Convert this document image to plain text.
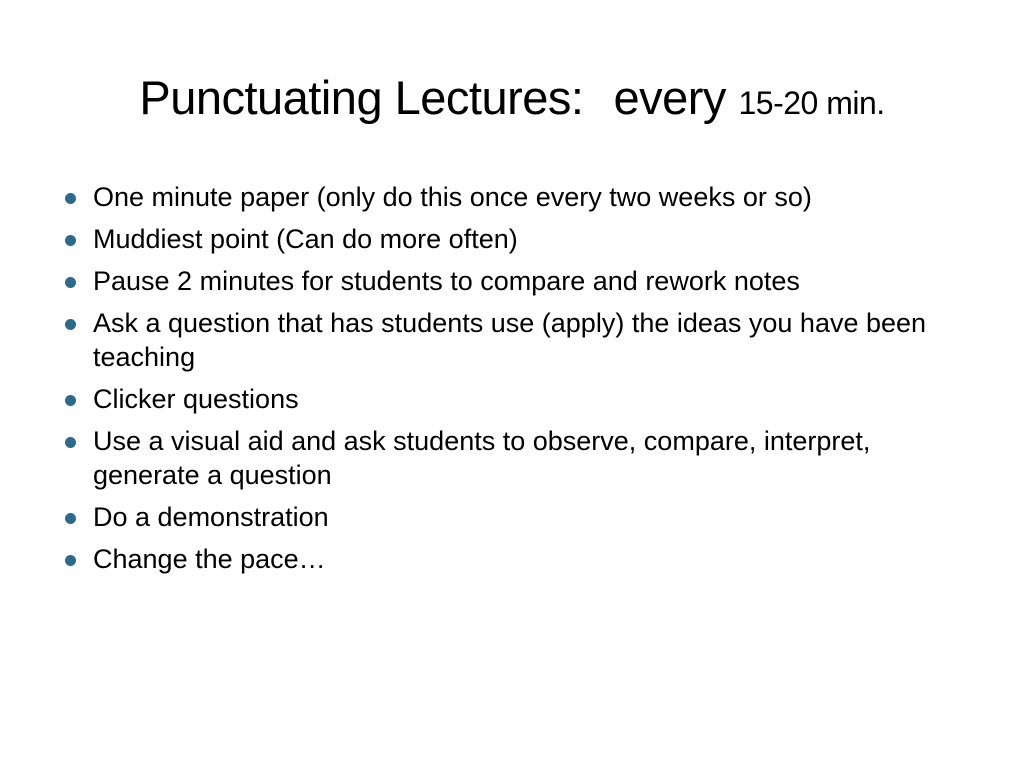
Punctuating Lectures: every 15-20 min.
One minute paper (only do this once every two weeks or so)
Muddiest point (Can do more often)
Pause 2 minutes for students to compare and rework notes
Ask a question that has students use (apply) the ideas you have been teaching
Clicker questions
Use a visual aid and ask students to observe, compare, interpret, generate a question
Do a demonstration
Change the pace…
